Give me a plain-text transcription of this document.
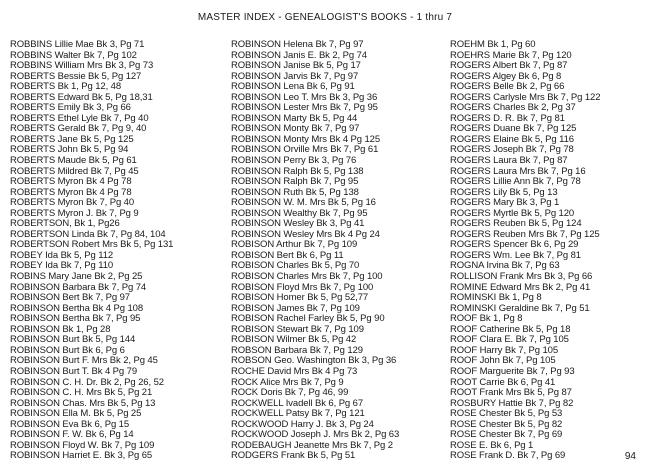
MASTER INDEX - GENEALOGIST'S BOOKS - 1 thru 7
ROBBINS Lillie Mae Bk 3, Pg 71
ROBBINS Walter Bk 7, Pg 102
ROBBINS William Mrs Bk 3, Pg 73
ROBERTS Bessie Bk 5, Pg 127
ROBERTS Bk 1, Pg 12, 48
ROBERTS Edward Bk 5, Pg 18,31
ROBERTS Emily Bk 3, Pg 66
ROBERTS Ethel Lyle Bk 7, Pg 40
ROBERTS Gerald Bk 7, Pg 9, 40
ROBERTS Jane Bk 5, Pg 125
ROBERTS John Bk 5, Pg 94
ROBERTS Maude Bk 5, Pg 61
ROBERTS Mildred Bk 7, Pg 45
ROBERTS Myron Bk 4 Pg 78
ROBERTS Myron Bk 4 Pg 78
ROBERTS Myron Bk 7, Pg 40
ROBERTS Myron J. Bk 7, Pg 9
ROBERTSON, Bk 1, Pg26
ROBERTSON Linda Bk 7, Pg 84, 104
ROBERTSON Robert Mrs Bk 5, Pg 131
ROBEY Ida Bk 5, Pg 112
ROBEY Ida Bk 7, Pg 110
ROBINS Mary Jane Bk 2, Pg 25
ROBINSON Barbara Bk 7, Pg 74
ROBINSON Bert Bk 7, Pg 97
ROBINSON Bertha Bk 4 Pg 108
ROBINSON Bertha Bk 7, Pg 95
ROBINSON Bk 1, Pg 28
ROBINSON Burt Bk 5, Pg 144
ROBINSON Burt Bk 6, Pg 6
ROBINSON Burt F. Mrs Bk 2, Pg 45
ROBINSON Burt T. Bk 4 Pg 79
ROBINSON C. H. Dr. Bk 2, Pg 26, 52
ROBINSON C. H. Mrs Bk 5, Pg 21
ROBINSON Chas. Mrs Bk 5, Pg 13
ROBINSON Ella M. Bk 5, Pg 25
ROBINSON Eva Bk 6, Pg 15
ROBINSON F. W. Bk 6, Pg 14
ROBINSON Floyd W. Bk 7, Pg 109
ROBINSON Harriet E. Bk 3, Pg 65
ROBINSON Helena Bk 7, Pg 97
ROBINSON Janis E. Bk 2, Pg 74
ROBINSON Janise Bk 5, Pg 17
ROBINSON Jarvis Bk 7, Pg 97
ROBINSON Lena Bk 6, Pg 91
ROBINSON Leo T. Mrs Bk 3, Pg 36
ROBINSON Lester Mrs Bk 7, Pg 95
ROBINSON Marty Bk 5, Pg 44
ROBINSON Monty Bk 7, Pg 97
ROBINSON Monty Mrs Bk 4 Pg 125
ROBINSON Orville Mrs Bk 7, Pg 61
ROBINSON Perry Bk 3, Pg 76
ROBINSON Ralph Bk 5, Pg 138
ROBINSON Ralph Bk 7, Pg 95
ROBINSON Ruth Bk 5, Pg 138
ROBINSON W. M. Mrs Bk 5, Pg 16
ROBINSON Wealthy Bk 7, Pg 95
ROBINSON Wesley Bk 3, Pg 41
ROBINSON Wesley Mrs Bk 4 Pg 24
ROBISON Arthur Bk 7, Pg 109
ROBISON Bert Bk 6, Pg 11
ROBISON Charles Bk 5, Pg 70
ROBISON Charles Mrs Bk 7, Pg 100
ROBISON Floyd Mrs Bk 7, Pg 100
ROBISON Homer Bk 5, Pg 52,77
ROBISON James Bk 7, Pg 109
ROBISON Rachel Farley Bk 5, Pg 90
ROBISON Stewart Bk 7, Pg 109
ROBISON Wilmer Bk 5, Pg 42
ROBSON Barbara Bk 7, Pg 129
ROBSON Geo. Washington Bk 3, Pg 36
ROCHE David Mrs Bk 4 Pg 73
ROCK Alice Mrs Bk 7, Pg 9
ROCK Doris Bk 7, Pg 46, 99
ROCKWELL Ivadell Bk 6, Pg 67
ROCKWELL Patsy Bk 7, Pg 121
ROCKWOOD Harry J. Bk 3, Pg 24
ROCKWOOD Joseph J. Mrs Bk 2, Pg 63
RODEBAUGH Jeanette Mrs Bk 7, Pg 2
RODGERS Frank Bk 5, Pg 51
ROEHM Bk 1, Pg 60
ROEHRS Marie Bk 7, Pg 120
ROGERS Albert Bk 7, Pg 87
ROGERS Algey Bk 6, Pg 8
ROGERS Belle Bk 2, Pg 66
ROGERS Carlysle Mrs Bk 7, Pg 122
ROGERS Charles Bk 2, Pg 37
ROGERS D. R. Bk 7, Pg 81
ROGERS Duane Bk 7, Pg 125
ROGERS Elaine Bk 5, Pg 116
ROGERS Joseph Bk 7, Pg 78
ROGERS Laura Bk 7, Pg 87
ROGERS Laura Mrs Bk 7, Pg 16
ROGERS Lillie Ann Bk 7, Pg 78
ROGERS Lily Bk 5, Pg 13
ROGERS Mary Bk 3, Pg 1
ROGERS Myrtle Bk 5, Pg 120
ROGERS Reuben Bk 5, Pg 124
ROGERS Reuben Mrs Bk 7, Pg 125
ROGERS Spencer Bk 6, Pg 29
ROGERS Wm. Lee Bk 7, Pg 81
ROGNA Irvina Bk 7, Pg 63
ROLLISON Frank Mrs Bk 3, Pg 66
ROMINE Edward Mrs Bk 2, Pg 41
ROMINSKI Bk 1, Pg 8
ROMINSKI Geraldine Bk 7, Pg 51
ROOF Bk 1, Pg 8
ROOF Catherine Bk 5, Pg 18
ROOF Clara E. Bk 7, Pg 105
ROOF Harry Bk 7, Pg 105
ROOF John Bk 7, Pg 105
ROOF Marguerite Bk 7, Pg 93
ROOT Carrie Bk 6, Pg 41
ROOT Frank Mrs Bk 5, Pg 87
ROSBURY Hattie Bk 7, Pg 82
ROSE Chester Bk 5, Pg 53
ROSE Chester Bk 5, Pg 82
ROSE Chester Bk 7, Pg 69
ROSE E. Bk 6, Pg 1
ROSE Frank D. Bk 7, Pg 69	94
